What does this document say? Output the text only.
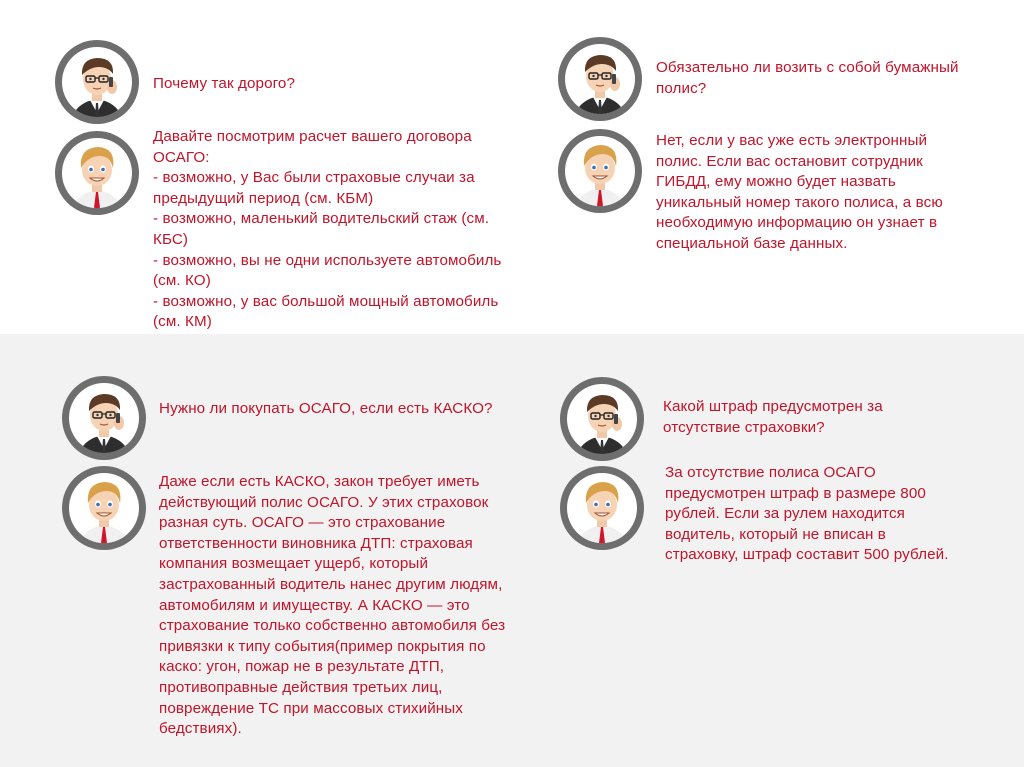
Почему так дорого?
Давайте посмотрим расчет вашего договора
ОСАГО:
- возможно, у Вас были страховые случаи за
предыдущий период (см. КБМ)
- возможно, маленький водительский стаж (см.
КБС)
- возможно, вы не одни используете автомобиль
(см. КО)
- возможно, у вас большой мощный автомобиль
(см. КМ)
Обязательно ли возить с собой бумажный
полис?
Нет, если у вас уже есть электронный
полис. Если вас остановит сотрудник
ГИБДД, ему можно будет назвать
уникальный номер такого полиса, а всю
необходимую информацию он узнает в
специальной базе данных.
Нужно ли покупать ОСАГО, если есть КАСКО?
Даже если есть КАСКО, закон требует иметь
действующий полис ОСАГО. У этих страховок
разная суть. ОСАГО — это страхование
ответственности виновника ДТП: страховая
компания возмещает ущерб, который
застрахованный водитель нанес другим людям,
автомобилям и имуществу. А КАСКО — это
страхование только собственно автомобиля без
привязки к типу события(пример покрытия по
каско: угон, пожар не в результате ДТП,
противоправные действия третьих лиц,
повреждение ТС при массовых стихийных
бедствиях).
Какой штраф предусмотрен за
отсутствие страховки?
За отсутствие полиса ОСАГО
предусмотрен штраф в размере 800
рублей. Если за рулем находится
водитель, который не вписан в
страховку, штраф составит 500 рублей.
